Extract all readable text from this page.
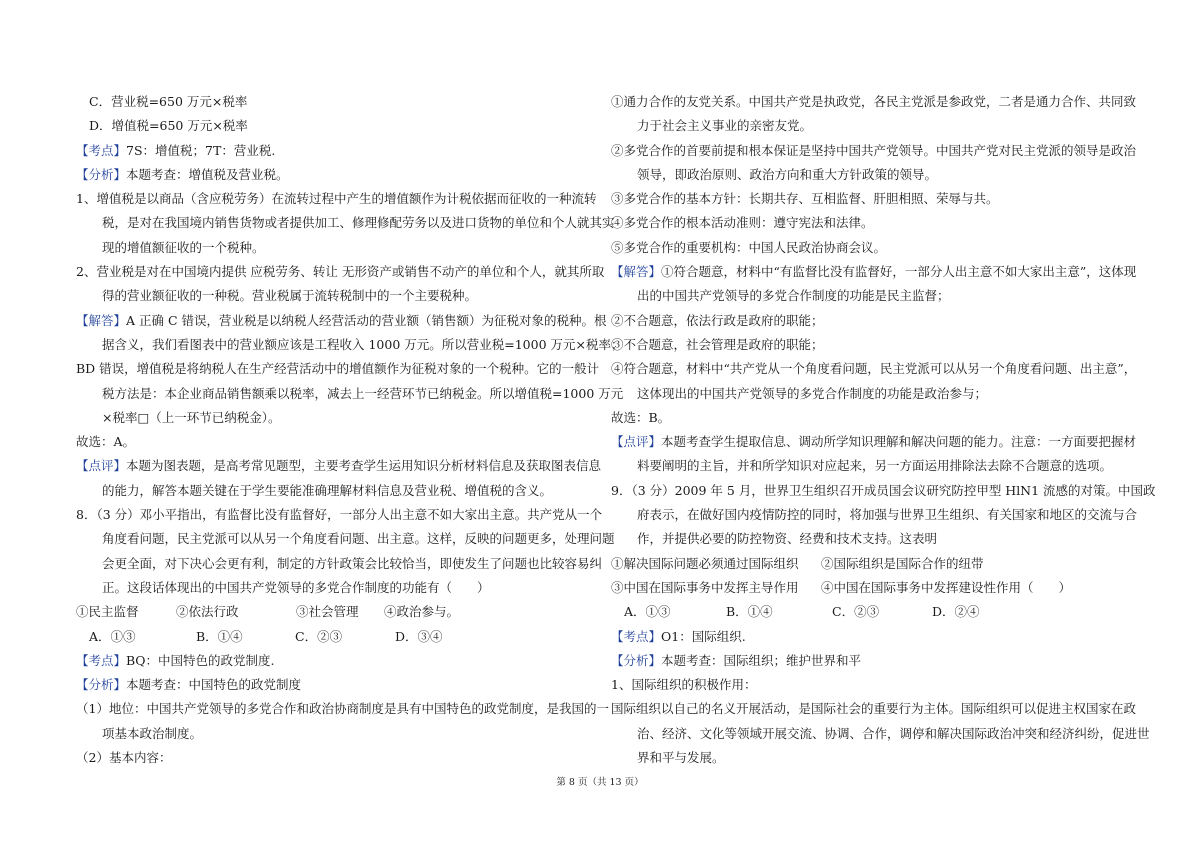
C．营业税=650 万元×税率
D．增值税=650 万元×税率
【考点】7S：增值税；7T：营业税.
【分析】本题考查：增值税及营业税。
1、增值税是以商品（含应税劳务）在流转过程中产生的增值额作为计税依据而征收的一种流转
税，是对在我国境内销售货物或者提供加工、修理修配劳务以及进口货物的单位和个人就其实
现的增值额征收的一个税种。
2、营业税是对在中国境内提供 应税劳务、转让 无形资产或销售不动产的单位和个人，就其所取
得的营业额征收的一种税。营业税属于流转税制中的一个主要税种。
【解答】A 正确 C 错误，营业税是以纳税人经营活动的营业额（销售额）为征税对象的税种。根
据含义，我们看图表中的营业额应该是工程收入 1000 万元。所以营业税=1000 万元×税率；
BD 错误，增值税是将纳税人在生产经营活动中的增值额作为征税对象的一个税种。它的一般计
税方法是：本企业商品销售额乘以税率，减去上一经营环节已纳税金。所以增值税=1000 万元
×税率□（上一环节已纳税金）。
故选：A。
【点评】本题为图表题，是高考常见题型，主要考查学生运用知识分析材料信息及获取图表信息
的能力，解答本题关键在于学生要能准确理解材料信息及营业税、增值税的含义。
8．（3 分）邓小平指出，有监督比没有监督好，一部分人出主意不如大家出主意。共产党从一个
角度看问题，民主党派可以从另一个角度看问题、出主意。这样，反映的问题更多，处理问题
会更全面，对下决心会更有利，制定的方针政策会比较恰当，即使发生了问题也比较容易纠
正。这段话体现出的中国共产党领导的多党合作制度的功能有（　　）
①民主监督	②依法行政	③社会管理 ④政治参与。
A．①③	B．①④	C．②③	D．③④
【考点】BQ：中国特色的政党制度.
【分析】本题考查：中国特色的政党制度
（1）地位：中国共产党领导的多党合作和政治协商制度是具有中国特色的政党制度，是我国的一
项基本政治制度。
（2）基本内容：
①通力合作的友党关系。中国共产党是执政党，各民主党派是参政党，二者是通力合作、共同致
力于社会主义事业的亲密友党。
②多党合作的首要前提和根本保证是坚持中国共产党领导。中国共产党对民主党派的领导是政治
领导，即政治原则、政治方向和重大方针政策的领导。
③多党合作的基本方针：长期共存、互相监督、肝胆相照、荣辱与共。
④多党合作的根本活动准则：遵守宪法和法律。
⑤多党合作的重要机构：中国人民政治协商会议。
【解答】①符合题意，材料中“有监督比没有监督好，一部分人出主意不如大家出主意”，这体现
出的中国共产党领导的多党合作制度的功能是民主监督；
②不合题意，依法行政是政府的职能；
③不合题意，社会管理是政府的职能；
④符合题意，材料中“共产党从一个角度看问题，民主党派可以从另一个角度看问题、出主意”，
这体现出的中国共产党领导的多党合作制度的功能是政治参与；
故选：B。
【点评】本题考查学生提取信息、调动所学知识理解和解决问题的能力。注意：一方面要把握材
料要阐明的主旨，并和所学知识对应起来，另一方面运用排除法去除不合题意的选项。
9．（3 分）2009 年 5 月，世界卫生组织召开成员国会议研究防控甲型 HlN1 流感的对策。中国政
府表示，在做好国内疫情防控的同时，将加强与世界卫生组织、有关国家和地区的交流与合
作，并提供必要的防控物资、经费和技术支持。这表明
①解决国际问题必须通过国际组织 ②国际组织是国际合作的纽带
③中国在国际事务中发挥主导作用 ④中国在国际事务中发挥建设性作用（　　）
A．①③	B．①④	C．②③	D．②④
【考点】O1：国际组织.
【分析】本题考查：国际组织；维护世界和平
1、国际组织的积极作用：
国际组织以自己的名义开展活动，是国际社会的重要行为主体。国际组织可以促进主权国家在政
治、经济、文化等领域开展交流、协调、合作，调停和解决国际政治冲突和经济纠纷，促进世
界和平与发展。
第 8 页（共 13 页）
